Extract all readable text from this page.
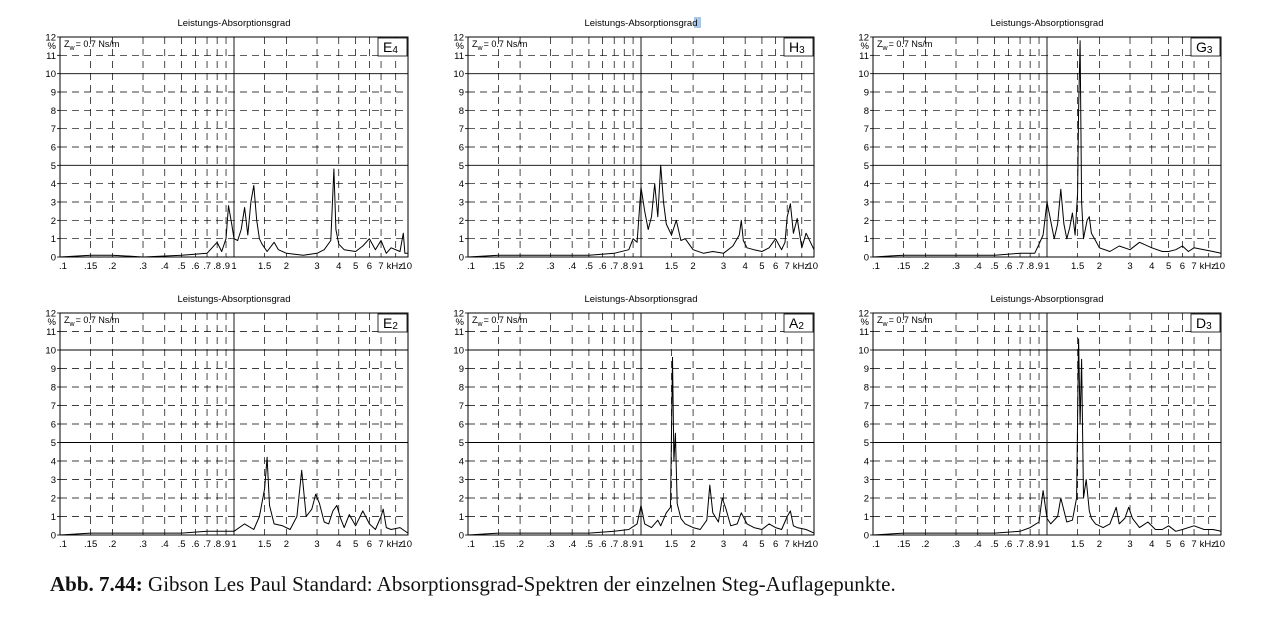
Leistungs-Absorptionsgrad
0
1
2
3
4
5
6
7
8
9
10
11
12
%
.1 .15 .2 .3 .4 .5 .6 .7 .8 .9 1 1.5 2	3 4 5 6 7 kHz
10
$Z_w= 0.7$ Ns/m	E4
Leistungs-Absorptionsgrad
0
1
2
3
4
5
6
7
8
9
10
11
12
%
.1 .15 .2 .3 .4 .5 .6 .7 .8 .9 1 1.5 2	3 4 5 6 7 kHz
10
$Z_w= 0.7$ Ns/m	H3
Leistungs-Absorptionsgrad
0
1
2
3
4
5
6
7
8
9
10
11
12
%
.1 .15 .2 .3 .4 .5 .6 .7 .8 .9 1 1.5 2	3 4 5 6 7 kHz
10
$Z_w= 0.7$ Ns/m	G3
Leistungs-Absorptionsgrad
0
1
2
3
4
5
6
7
8
9
10
11
12
%
.1 .15 .2 .3 .4 .5 .6 .7 .8 .9 1 1.5 2	3 4 5 6 7 kHz
10
$Z_w= 0.7$ Ns/m	E2
Leistungs-Absorptionsgrad
0
1
2
3
4
5
6
7
8
9
10
11
12
%
.1 .15 .2 .3 .4 .5 .6 .7 .8 .9 1 1.5 2	3 4 5 6 7 kHz
10
$Z_w= 0.7$ Ns/m	A2
Leistungs-Absorptionsgrad
0
1
2
3
4
5
6
7
8
9
10
11
12
%
.1 .15 .2 .3 .4 .5 .6 .7 .8 .9 1 1.5 2	3 4 5 6 7 kHz
10
$Z_w= 0.7$ Ns/m	D3
Abb. 7.44: Gibson Les Paul Standard: Absorptionsgrad-Spektren der einzelnen Steg-Auflagepunkte.
